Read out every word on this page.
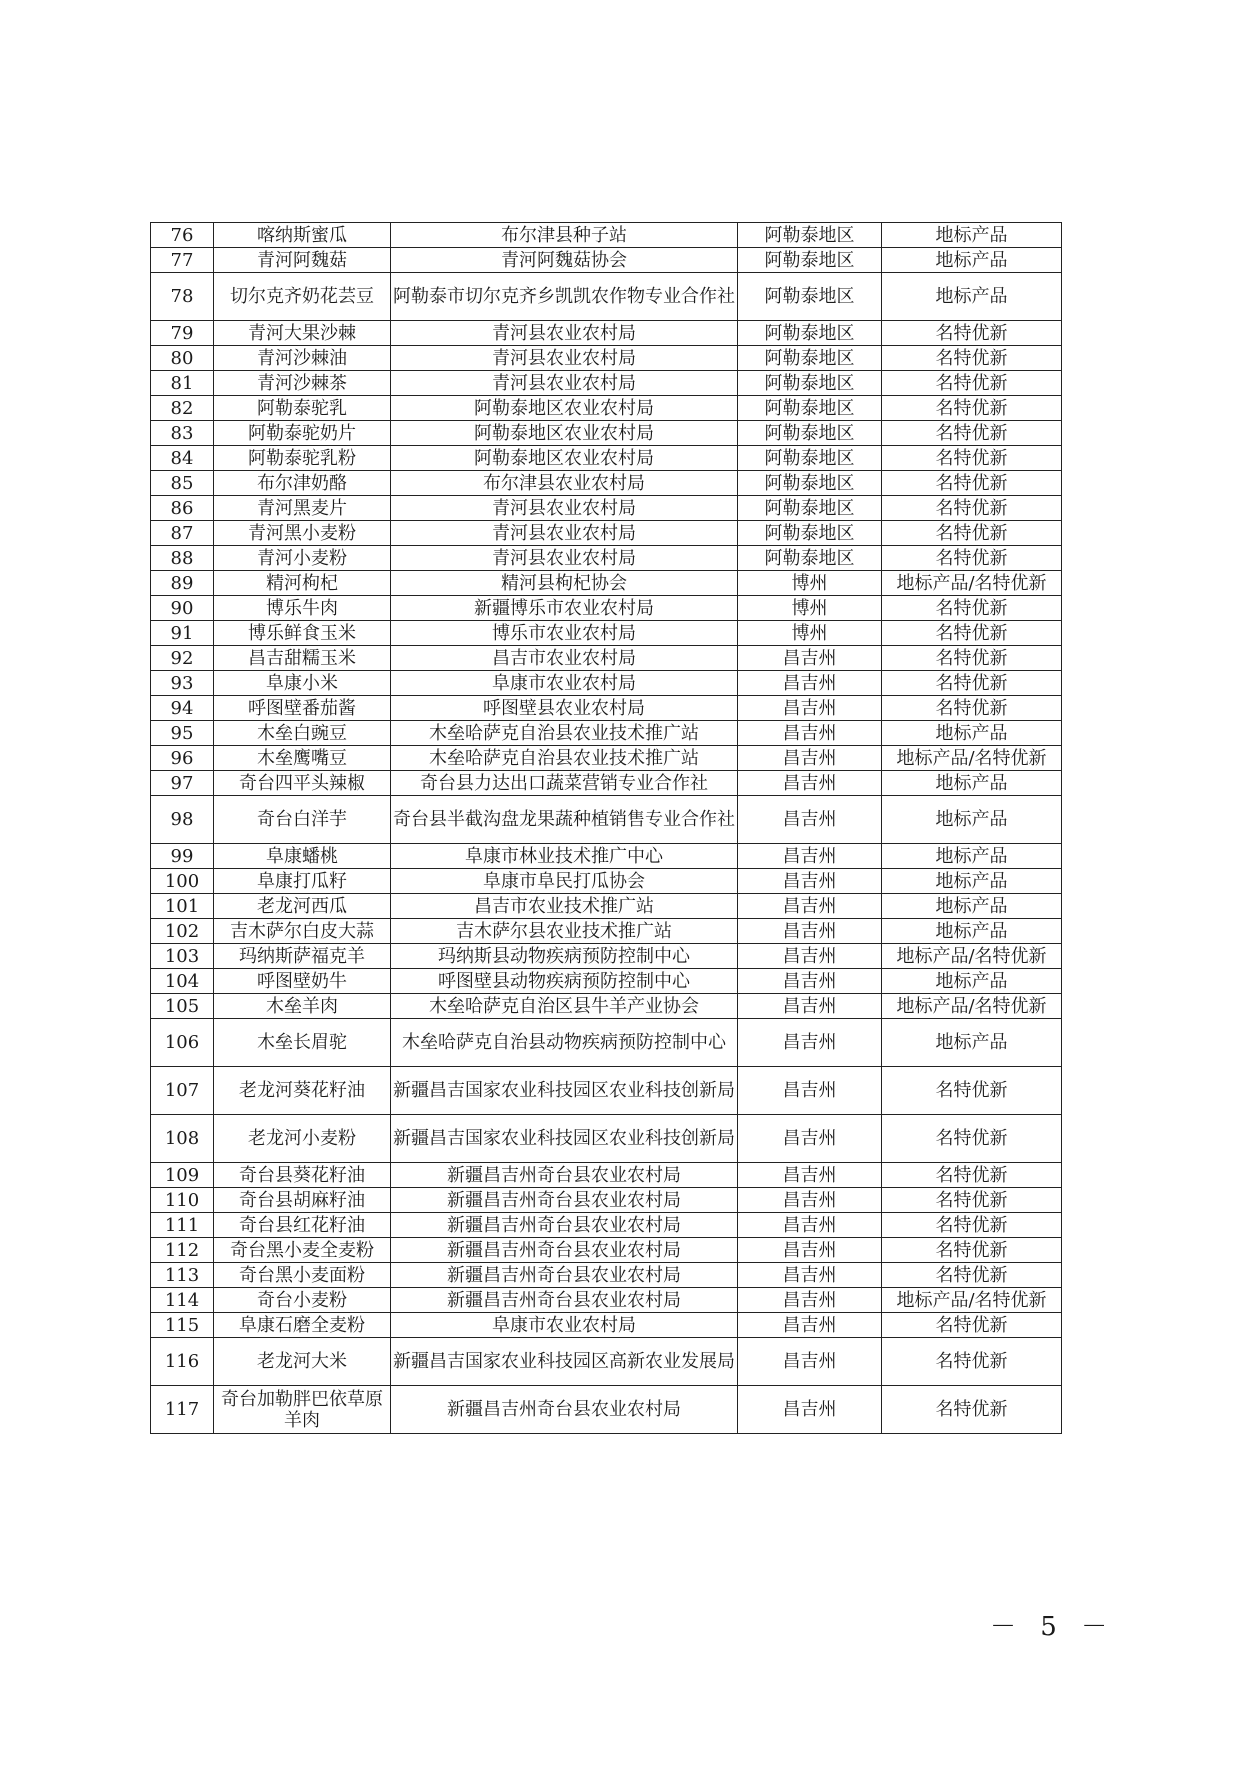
76	喀纳斯蜜瓜	布尔津县种子站	阿勒泰地区	地标产品
77	青河阿魏菇	青河阿魏菇协会	阿勒泰地区	地标产品
78	切尔克齐奶花芸豆	阿勒泰市切尔克齐乡凯凯农作物专业合作社	阿勒泰地区	地标产品
79	青河大果沙棘	青河县农业农村局	阿勒泰地区	名特优新
80	青河沙棘油	青河县农业农村局	阿勒泰地区	名特优新
81	青河沙棘茶	青河县农业农村局	阿勒泰地区	名特优新
82	阿勒泰驼乳	阿勒泰地区农业农村局	阿勒泰地区	名特优新
83	阿勒泰驼奶片	阿勒泰地区农业农村局	阿勒泰地区	名特优新
84	阿勒泰驼乳粉	阿勒泰地区农业农村局	阿勒泰地区	名特优新
85	布尔津奶酪	布尔津县农业农村局	阿勒泰地区	名特优新
86	青河黑麦片	青河县农业农村局	阿勒泰地区	名特优新
87	青河黑小麦粉	青河县农业农村局	阿勒泰地区	名特优新
88	青河小麦粉	青河县农业农村局	阿勒泰地区	名特优新
89	精河枸杞	精河县枸杞协会	博州	地标产品/名特优新
90	博乐牛肉	新疆博乐市农业农村局	博州	名特优新
91	博乐鲜食玉米	博乐市农业农村局	博州	名特优新
92	昌吉甜糯玉米	昌吉市农业农村局	昌吉州	名特优新
93	阜康小米	阜康市农业农村局	昌吉州	名特优新
94	呼图壁番茄酱	呼图壁县农业农村局	昌吉州	名特优新
95	木垒白豌豆	木垒哈萨克自治县农业技术推广站	昌吉州	地标产品
96	木垒鹰嘴豆	木垒哈萨克自治县农业技术推广站	昌吉州	地标产品/名特优新
97	奇台四平头辣椒	奇台县力达出口蔬菜营销专业合作社	昌吉州	地标产品
98	奇台白洋芋	奇台县半截沟盘龙果蔬种植销售专业合作社	昌吉州	地标产品
99	阜康蟠桃	阜康市林业技术推广中心	昌吉州	地标产品
100	阜康打瓜籽	阜康市阜民打瓜协会	昌吉州	地标产品
101	老龙河西瓜	昌吉市农业技术推广站	昌吉州	地标产品
102	吉木萨尔白皮大蒜	吉木萨尔县农业技术推广站	昌吉州	地标产品
103	玛纳斯萨福克羊	玛纳斯县动物疾病预防控制中心	昌吉州	地标产品/名特优新
104	呼图壁奶牛	呼图壁县动物疾病预防控制中心	昌吉州	地标产品
105	木垒羊肉	木垒哈萨克自治区县牛羊产业协会	昌吉州	地标产品/名特优新
106	木垒长眉驼	木垒哈萨克自治县动物疾病预防控制中心	昌吉州	地标产品
107	老龙河葵花籽油	新疆昌吉国家农业科技园区农业科技创新局	昌吉州	名特优新
108	老龙河小麦粉	新疆昌吉国家农业科技园区农业科技创新局	昌吉州	名特优新
109	奇台县葵花籽油	新疆昌吉州奇台县农业农村局	昌吉州	名特优新
110	奇台县胡麻籽油	新疆昌吉州奇台县农业农村局	昌吉州	名特优新
111	奇台县红花籽油	新疆昌吉州奇台县农业农村局	昌吉州	名特优新
112	奇台黑小麦全麦粉	新疆昌吉州奇台县农业农村局	昌吉州	名特优新
113	奇台黑小麦面粉	新疆昌吉州奇台县农业农村局	昌吉州	名特优新
114	奇台小麦粉	新疆昌吉州奇台县农业农村局	昌吉州	地标产品/名特优新
115	阜康石磨全麦粉	阜康市农业农村局	昌吉州	名特优新
116	老龙河大米	新疆昌吉国家农业科技园区高新农业发展局	昌吉州	名特优新
117	奇台加勒胖巴依草原羊肉	新疆昌吉州奇台县农业农村局	昌吉州	名特优新
－ 5 －
